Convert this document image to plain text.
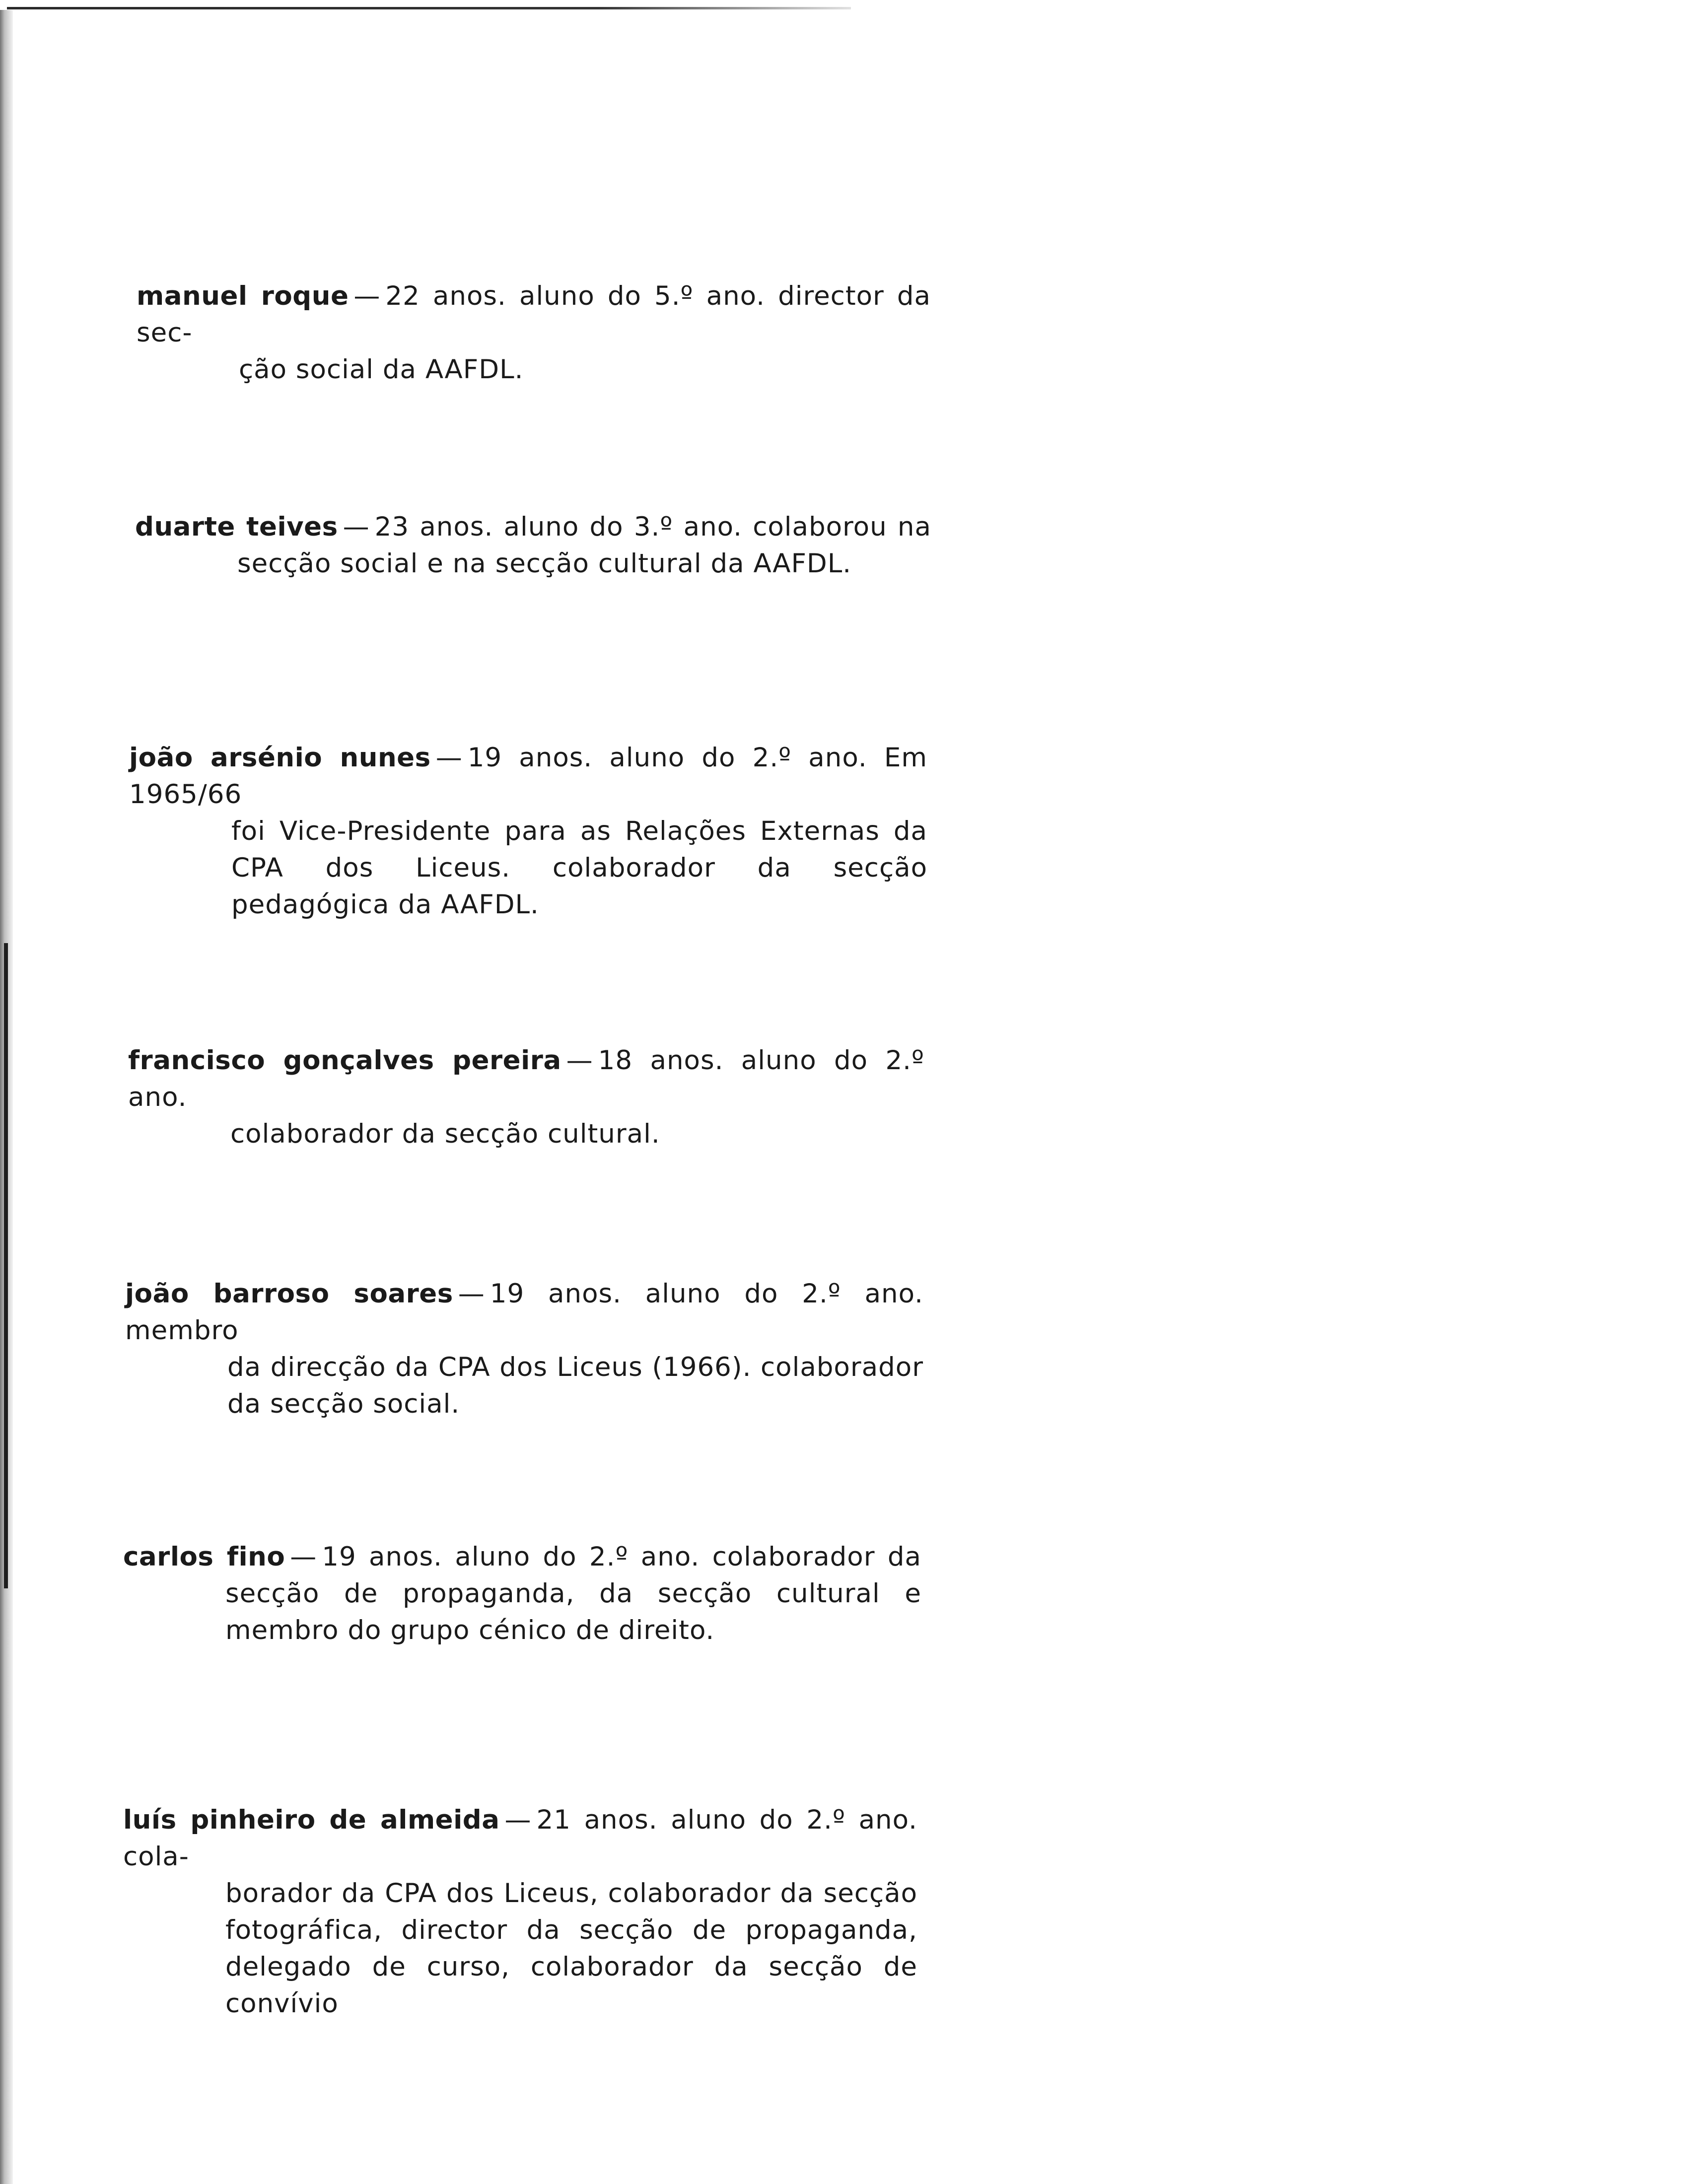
manuel roque — 22 anos. aluno do 5.º ano. director da sec-
ção social da AAFDL.
duarte teives — 23 anos. aluno do 3.º ano. colaborou na
secção social e na secção cultural da AAFDL.
joão arsénio nunes — 19 anos. aluno do 2.º ano. Em 1965/66
foi Vice-Presidente para as Relações Externas da CPA dos Liceus. colaborador da secção pedagógica da AAFDL.
francisco gonçalves pereira — 18 anos. aluno do 2.º ano.
colaborador da secção cultural.
joão barroso soares — 19 anos. aluno do 2.º ano. membro
da direcção da CPA dos Liceus (1966). colaborador da secção social.
carlos fino — 19 anos. aluno do 2.º ano. colaborador da
secção de propaganda, da secção cultural e membro do grupo cénico de direito.
luís pinheiro de almeida — 21 anos. aluno do 2.º ano. cola-
borador da CPA dos Liceus, colaborador da secção fotográfica, director da secção de propaganda, delegado de curso, colaborador da secção de convívio
